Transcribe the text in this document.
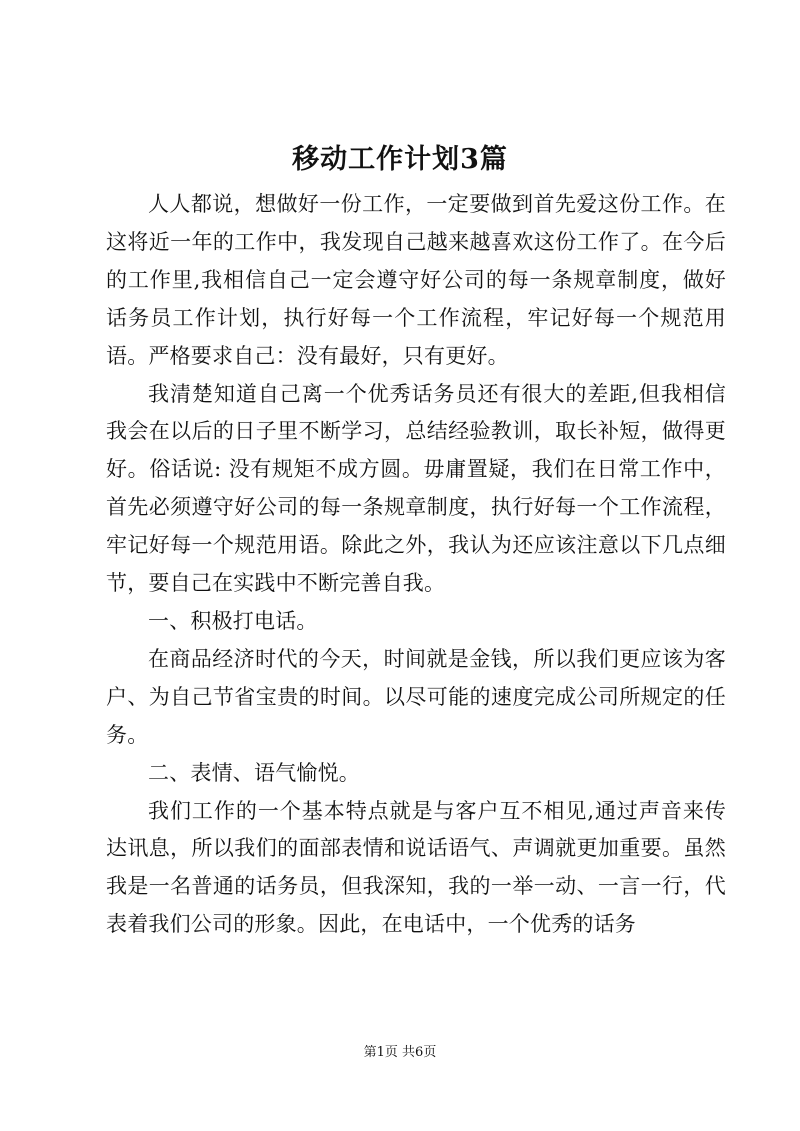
移动工作计划3篇

人人都说，想做好一份工作，一定要做到首先爱这份工作。在这将近一年的工作中，我发现自己越来越喜欢这份工作了。在今后的工作里,我相信自己一定会遵守好公司的每一条规章制度，做好话务员工作计划，执行好每一个工作流程，牢记好每一个规范用语。严格要求自己：没有最好，只有更好。

我清楚知道自己离一个优秀话务员还有很大的差距,但我相信我会在以后的日子里不断学习，总结经验教训，取长补短，做得更好。俗话说: 没有规矩不成方圆。毋庸置疑，我们在日常工作中，首先必须遵守好公司的每一条规章制度，执行好每一个工作流程，牢记好每一个规范用语。除此之外，我认为还应该注意以下几点细节，要自己在实践中不断完善自我。

一、积极打电话。

在商品经济时代的今天，时间就是金钱，所以我们更应该为客户、为自己节省宝贵的时间。以尽可能的速度完成公司所规定的任务。

二、表情、语气愉悦。

我们工作的一个基本特点就是与客户互不相见,通过声音来传达讯息，所以我们的面部表情和说话语气、声调就更加重要。虽然我是一名普通的话务员，但我深知，我的一举一动、一言一行，代表着我们公司的形象。因此，在电话中，一个优秀的话务

第1页 共6页
